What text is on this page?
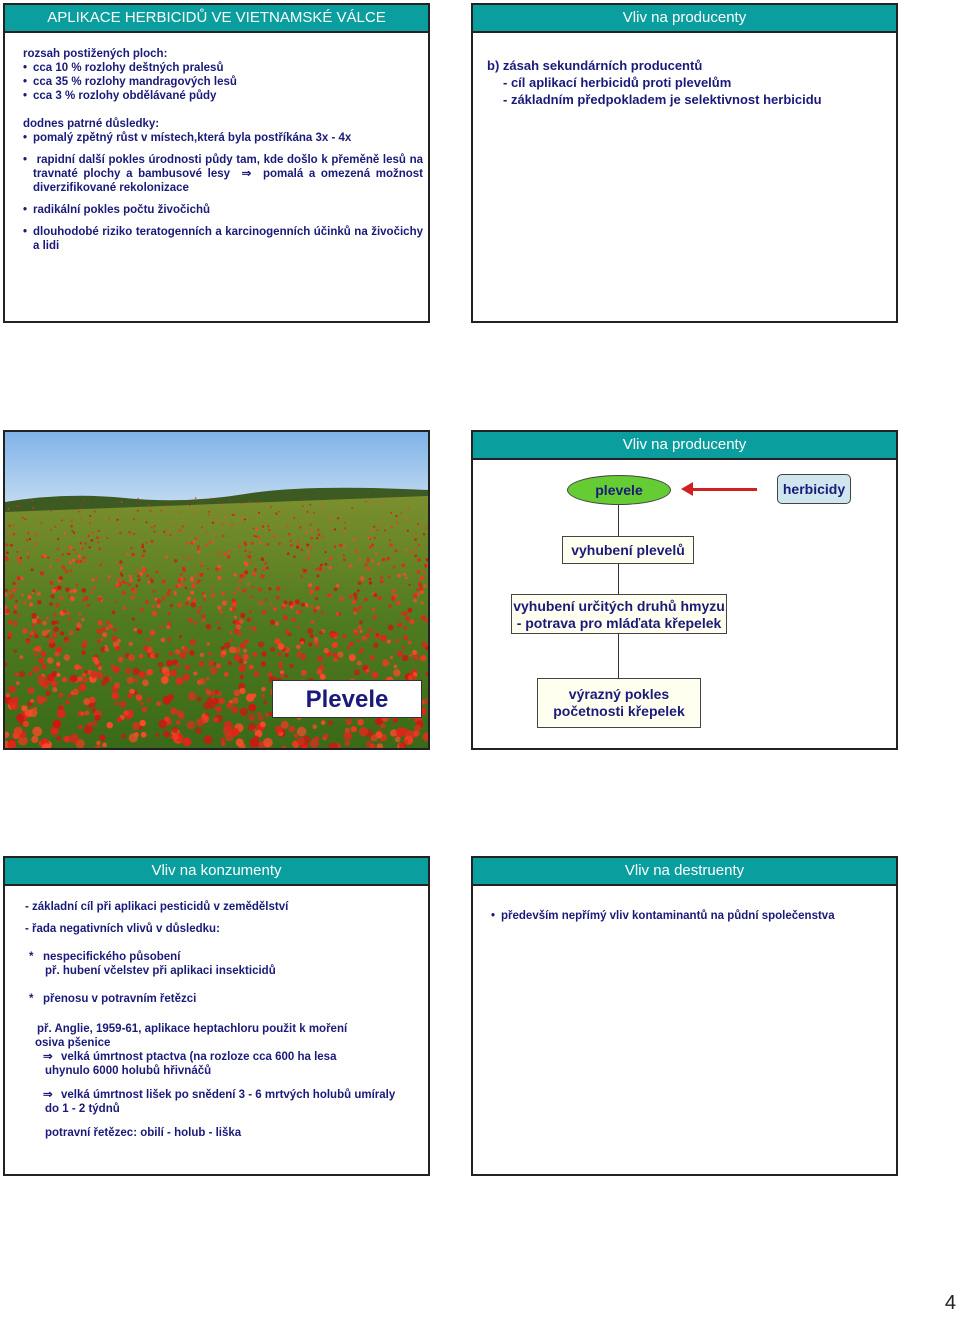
APLIKACE HERBICIDŮ VE VIETNAMSKÉ VÁLCE
rozsah postižených ploch:
• cca 10 % rozlohy deštných pralesů
• cca 35 % rozlohy mandragových lesů
• cca 3 % rozlohy obdělávané půdy
dodnes patrné důsledky:
• pomalý zpětný růst v místech,která byla postříkána 3x - 4x
• rapidní další pokles úrodnosti půdy tam, kde došlo k přeměně lesů na travnaté plochy a bambusové lesy ⇒ pomalá a omezená možnost diverzifikované rekolonizace
• radikální pokles počtu živočichů
• dlouhodobé riziko teratogenních a karcinogenních účinků na živočichy a lidi
Vliv na producenty
b) zásah sekundárních producentů
- cíl aplikací herbicidů proti plevelům
- základním předpokladem je selektivnost herbicidu
Plevele
Vliv na producenty
plevele	herbicidy
vyhubení plevelů
vyhubení určitých druhů hmyzu
- potrava pro mláďata křepelek
výrazný pokles
početnosti křepelek
Vliv na konzumenty
- základní cíl při aplikaci pesticidů v zemědělství
- řada negativních vlivů v důsledku:
* nespecifického působení
př. hubení včelstev při aplikaci insekticidů
* přenosu v potravním řetězci
př. Anglie, 1959-61, aplikace heptachloru použit k moření
osiva pšenice
⇒ velká úmrtnost ptactva (na rozloze cca 600 ha lesa
uhynulo 6000 holubů hřivnáčů
⇒ velká úmrtnost lišek po snědení 3 - 6 mrtvých holubů umíraly
do 1 - 2 týdnů
potravní řetězec: obilí - holub - liška
Vliv na destruenty
• především nepřímý vliv kontaminantů na půdní společenstva
4
